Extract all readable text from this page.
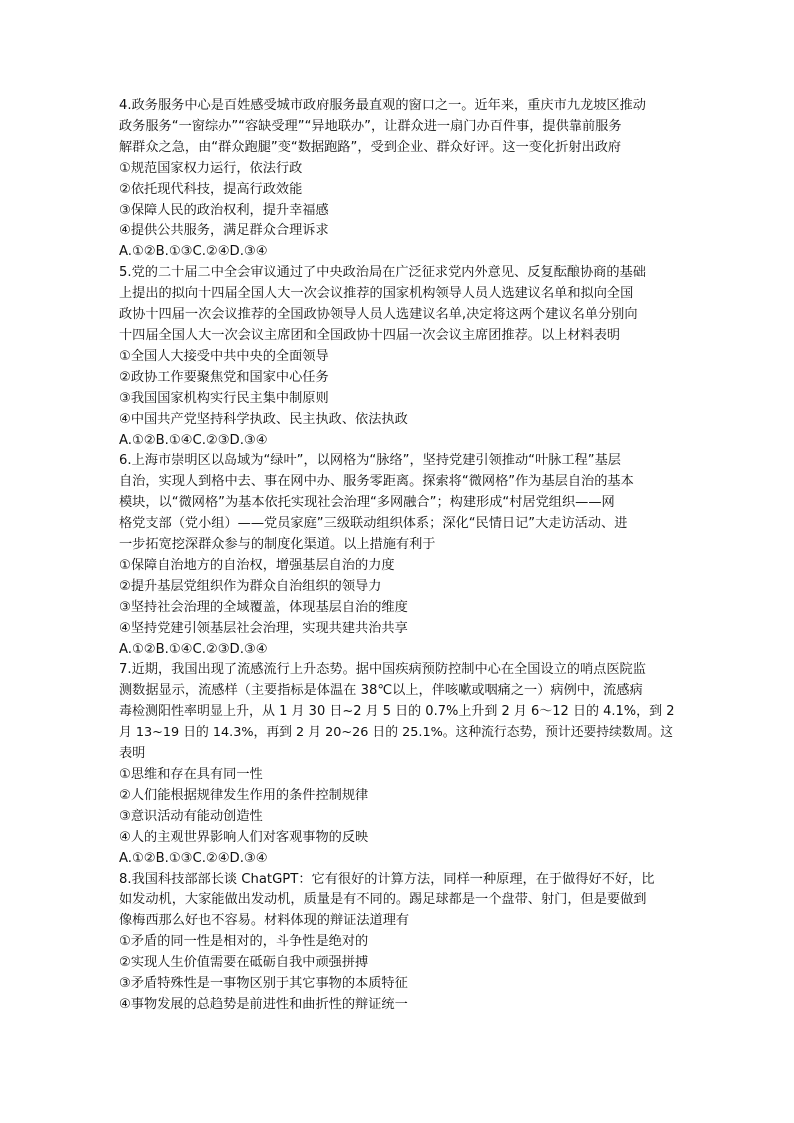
4.政务服务中心是百姓感受城市政府服务最直观的窗口之一。近年来，重庆市九龙坡区推动
政务服务“一窗综办”“容缺受理”“异地联办”，让群众进一扇门办百件事，提供靠前服务
解群众之急，由“群众跑腿”变“数据跑路”，受到企业、群众好评。这一变化折射出政府
①规范国家权力运行，依法行政
②依托现代科技，提高行政效能
③保障人民的政治权利，提升幸福感
④提供公共服务，满足群众合理诉求
A.①②B.①③C.②④D.③④
5.党的二十届二中全会审议通过了中央政治局在广泛征求党内外意见、反复酝酿协商的基础
上提出的拟向十四届全国人大一次会议推荐的国家机构领导人员人选建议名单和拟向全国
政协十四届一次会议推荐的全国政协领导人员人选建议名单,决定将这两个建议名单分别向
十四届全国人大一次会议主席团和全国政协十四届一次会议主席团推荐。以上材料表明
①全国人大接受中共中央的全面领导
②政协工作要聚焦党和国家中心任务
③我国国家机构实行民主集中制原则
④中国共产党坚持科学执政、民主执政、依法执政
A.①②B.①④C.②③D.③④
6.上海市崇明区以岛域为“绿叶”，以网格为“脉络”，坚持党建引领推动“叶脉工程”基层
自治，实现人到格中去、事在网中办、服务零距离。探索将“微网格”作为基层自治的基本
模块，以“微网格”为基本依托实现社会治理“多网融合”；构建形成“村居党组织——网
格党支部（党小组）——党员家庭”三级联动组织体系；深化“民情日记”大走访活动、进
一步拓宽挖深群众参与的制度化渠道。以上措施有利于
①保障自治地方的自治权，增强基层自治的力度
②提升基层党组织作为群众自治组织的领导力
③坚持社会治理的全域覆盖，体现基层自治的维度
④坚持党建引领基层社会治理，实现共建共治共享
A.①②B.①④C.②③D.③④
7.近期，我国出现了流感流行上升态势。据中国疾病预防控制中心在全国设立的哨点医院监
测数据显示，流感样（主要指标是体温在 38℃以上，伴咳嗽或咽痛之一）病例中，流感病
毒检测阳性率明显上升，从 1 月 30 日~2 月 5 日的 0.7%上升到 2 月 6～12 日的 4.1%，到 2
月 13~19 日的 14.3%，再到 2 月 20~26 日的 25.1%。这种流行态势，预计还要持续数周。这
表明
①思维和存在具有同一性
②人们能根据规律发生作用的条件控制规律
③意识活动有能动创造性
④人的主观世界影响人们对客观事物的反映
A.①②B.①③C.②④D.③④
8.我国科技部部长谈 ChatGPT：它有很好的计算方法，同样一种原理，在于做得好不好，比
如发动机，大家能做出发动机，质量是有不同的。踢足球都是一个盘带、射门，但是要做到
像梅西那么好也不容易。材料体现的辩证法道理有
①矛盾的同一性是相对的，斗争性是绝对的
②实现人生价值需要在砥砺自我中顽强拼搏
③矛盾特殊性是一事物区别于其它事物的本质特征
④事物发展的总趋势是前进性和曲折性的辩证统一
